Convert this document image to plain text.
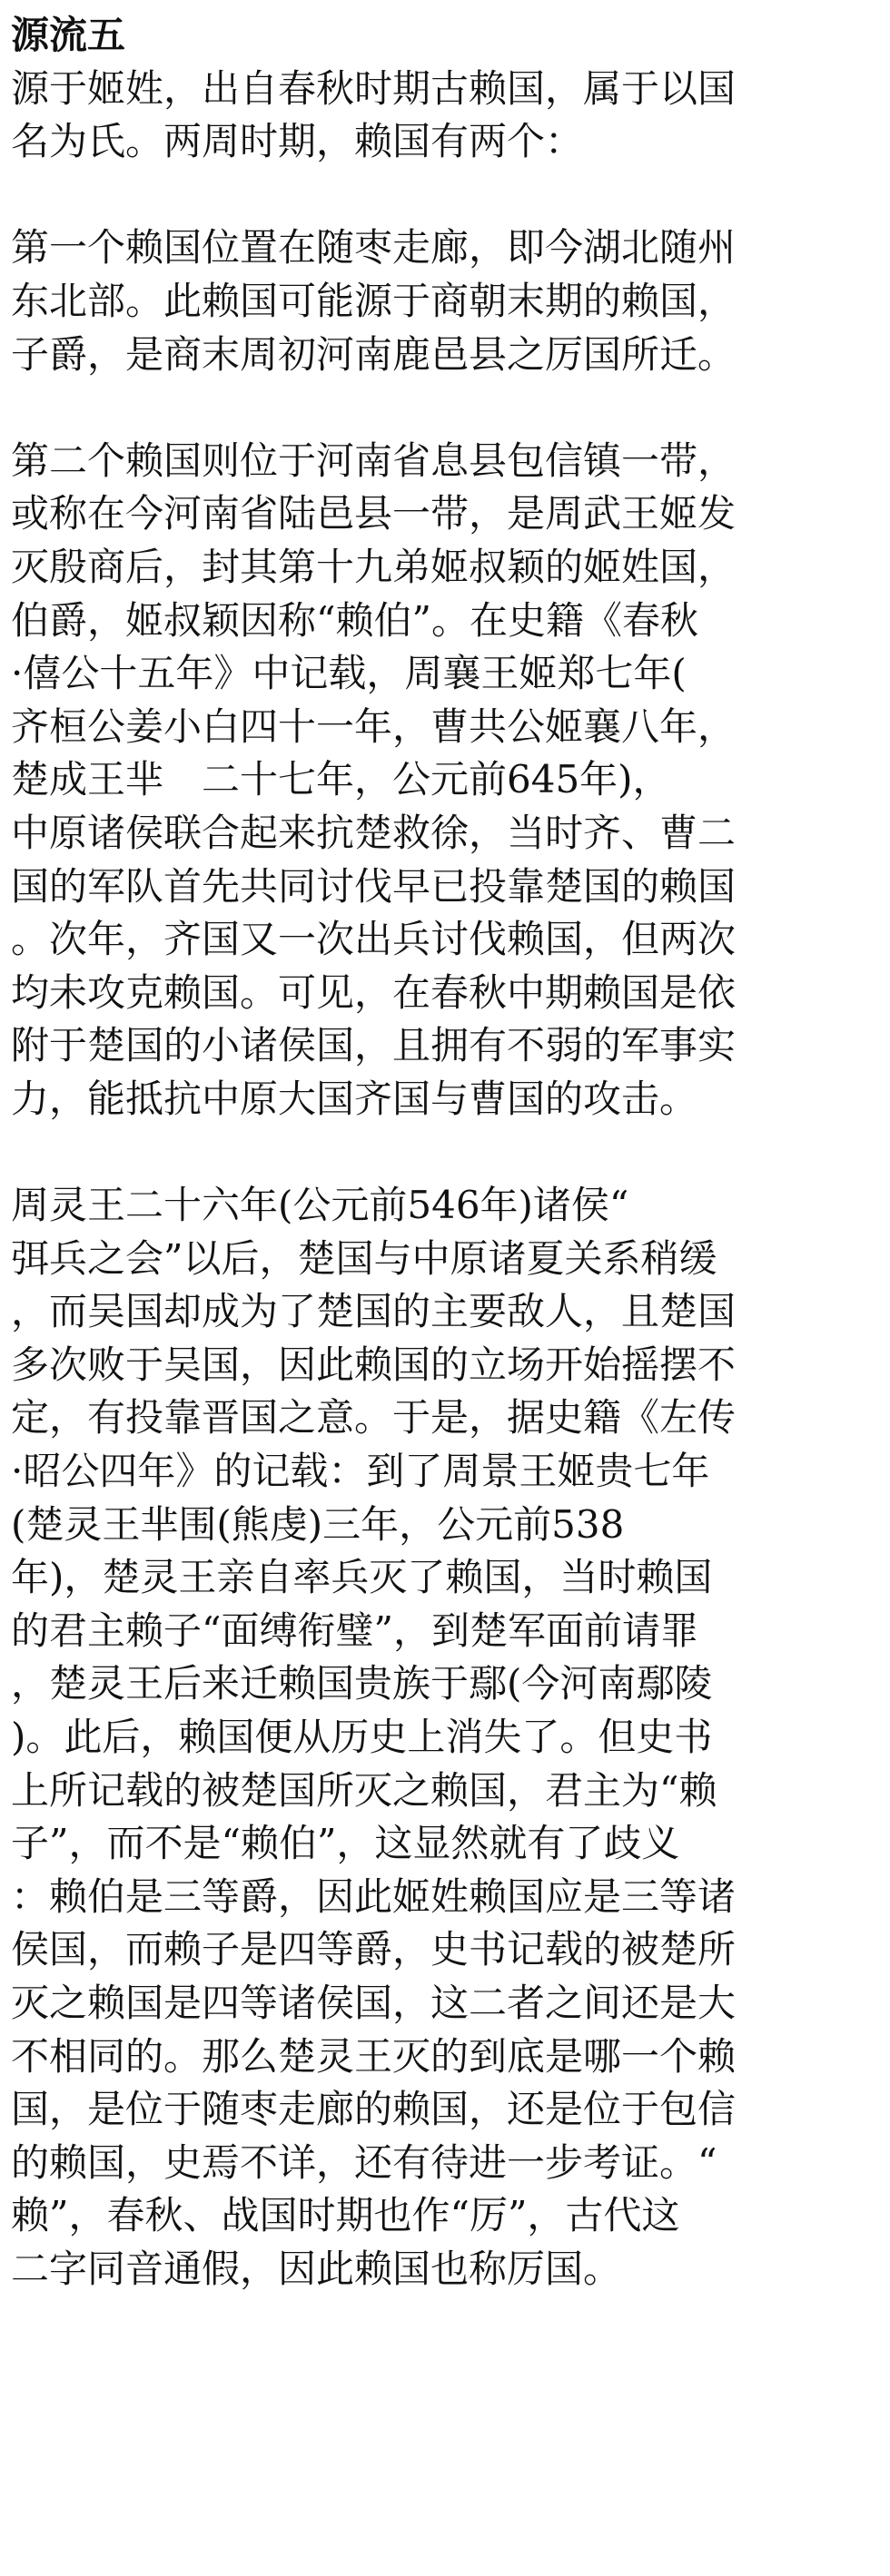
源流五
源于姬姓，出自春秋时期古赖国，属于以国
名为氏。两周时期，赖国有两个：
第一个赖国位置在随枣走廊，即今湖北随州
东北部。此赖国可能源于商朝末期的赖国，
子爵，是商末周初河南鹿邑县之厉国所迁。
第二个赖国则位于河南省息县包信镇一带，
或称在今河南省陆邑县一带，是周武王姬发
灭殷商后，封其第十九弟姬叔颖的姬姓国，
伯爵，姬叔颖因称“赖伯”。在史籍《春秋
·僖公十五年》中记载，周襄王姬郑七年(
齐桓公姜小白四十一年，曹共公姬襄八年，
楚成王芈　二十七年，公元前645年)，
中原诸侯联合起来抗楚救徐，当时齐、曹二
国的军队首先共同讨伐早已投靠楚国的赖国
。次年，齐国又一次出兵讨伐赖国，但两次
均未攻克赖国。可见，在春秋中期赖国是依
附于楚国的小诸侯国，且拥有不弱的军事实
力，能抵抗中原大国齐国与曹国的攻击。
周灵王二十六年(公元前546年)诸侯“
弭兵之会”以后，楚国与中原诸夏关系稍缓
，而吴国却成为了楚国的主要敌人，且楚国
多次败于吴国，因此赖国的立场开始摇摆不
定，有投靠晋国之意。于是，据史籍《左传
·昭公四年》的记载：到了周景王姬贵七年
(楚灵王芈围(熊虔)三年，公元前538
年)，楚灵王亲自率兵灭了赖国，当时赖国
的君主赖子“面缚衔璧”，到楚军面前请罪
，楚灵王后来迁赖国贵族于鄢(今河南鄢陵
)。此后，赖国便从历史上消失了。但史书
上所记载的被楚国所灭之赖国，君主为“赖
子”，而不是“赖伯”，这显然就有了歧义
：赖伯是三等爵，因此姬姓赖国应是三等诸
侯国，而赖子是四等爵，史书记载的被楚所
灭之赖国是四等诸侯国，这二者之间还是大
不相同的。那么楚灵王灭的到底是哪一个赖
国，是位于随枣走廊的赖国，还是位于包信
的赖国，史焉不详，还有待进一步考证。“
赖”，春秋、战国时期也作“厉”，古代这
二字同音通假，因此赖国也称厉国。
